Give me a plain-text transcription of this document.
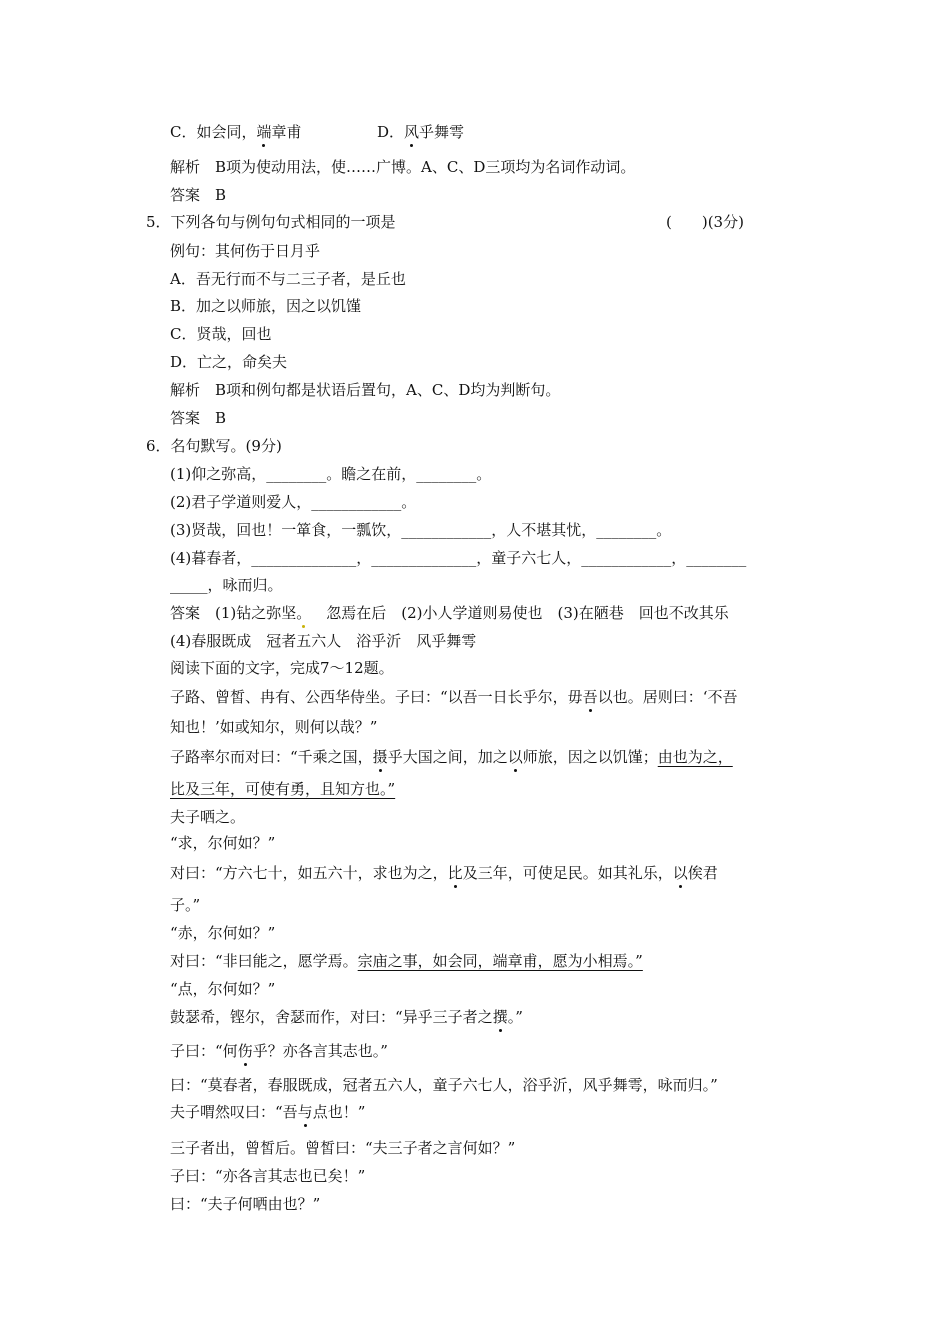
C．如会同，端章甫	D．风乎舞雩
解析　B项为使动用法，使……广博。A、C、D三项均为名词作动词。
答案　B
5．下列各句与例句句式相同的一项是	(　　)(3分)
例句：其何伤于日月乎
A．吾无行而不与二三子者，是丘也
B．加之以师旅，因之以饥馑
C．贤哉，回也
D．亡之，命矣夫
解析　B项和例句都是状语后置句，A、C、D均为判断句。
答案　B
6．名句默写。(9分)
(1)仰之弥高，________。瞻之在前，________。
(2)君子学道则爱人，____________。
(3)贤哉，回也！一箪食，一瓢饮，____________，人不堪其忧，________。
(4)暮春者，______________，______________，童子六七人，____________，________
_____，咏而归。
答案　(1)钻之弥坚。　忽焉在后　(2)小人学道则易使也　(3)在陋巷　回也不改其乐
(4)春服既成　冠者五六人　浴乎沂　风乎舞雩
阅读下面的文字，完成7～12题。
子路、曾皙、冉有、公西华侍坐。子曰：“以吾一日长乎尔，毋吾以也。居则曰：‘不吾
知也！’如或知尔，则何以哉？”
子路率尔而对曰：“千乘之国，摄乎大国之间，加之以师旅，因之以饥馑；由也为之，
比及三年，可使有勇，且知方也。”
夫子哂之。
“求，尔何如？”
对曰：“方六七十，如五六十，求也为之，比及三年，可使足民。如其礼乐，以俟君
子。”
“赤，尔何如？”
对曰：“非曰能之，愿学焉。宗庙之事，如会同，端章甫，愿为小相焉。”
“点，尔何如？”
鼓瑟希，铿尔，舍瑟而作，对曰：“异乎三子者之撰。”
子曰：“何伤乎？亦各言其志也。”
曰：“莫春者，春服既成，冠者五六人，童子六七人，浴乎沂，风乎舞雩，咏而归。”
夫子喟然叹曰：“吾与点也！”
三子者出，曾皙后。曾皙曰：“夫三子者之言何如？”
子曰：“亦各言其志也已矣！”
曰：“夫子何哂由也？”
